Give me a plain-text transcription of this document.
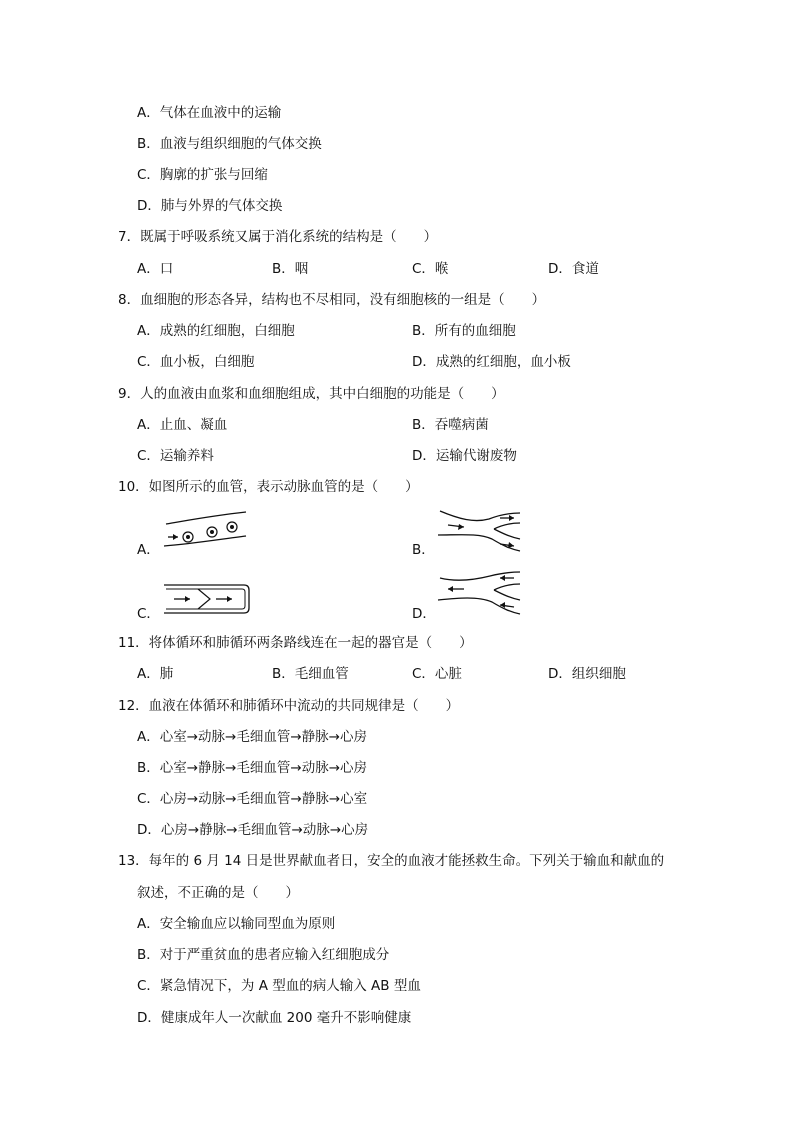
A．气体在血液中的运输
B．血液与组织细胞的气体交换
C．胸廓的扩张与回缩
D．肺与外界的气体交换
7．既属于呼吸系统又属于消化系统的结构是（　　）
A．口	B．咽	C．喉	D．食道
8．血细胞的形态各异，结构也不尽相同，没有细胞核的一组是（　　）
A．成熟的红细胞，白细胞	B．所有的血细胞
C．血小板，白细胞	D．成熟的红细胞，血小板
9．人的血液由血浆和血细胞组成，其中白细胞的功能是（　　）
A．止血、凝血	B．吞噬病菌
C．运输养料	D．运输代谢废物
10．如图所示的血管，表示动脉血管的是（　　）
A．	B．
C．	D．
11．将体循环和肺循环两条路线连在一起的器官是（　　）
A．肺	B．毛细血管	C．心脏	D．组织细胞
12．血液在体循环和肺循环中流动的共同规律是（　　）
A．心室→动脉→毛细血管→静脉→心房
B．心室→静脉→毛细血管→动脉→心房
C．心房→动脉→毛细血管→静脉→心室
D．心房→静脉→毛细血管→动脉→心房
13．每年的 6 月 14 日是世界献血者日，安全的血液才能拯救生命。下列关于输血和献血的
叙述，不正确的是（　　）
A．安全输血应以输同型血为原则
B．对于严重贫血的患者应输入红细胞成分
C．紧急情况下，为 A 型血的病人输入 AB 型血
D．健康成年人一次献血 200 毫升不影响健康
